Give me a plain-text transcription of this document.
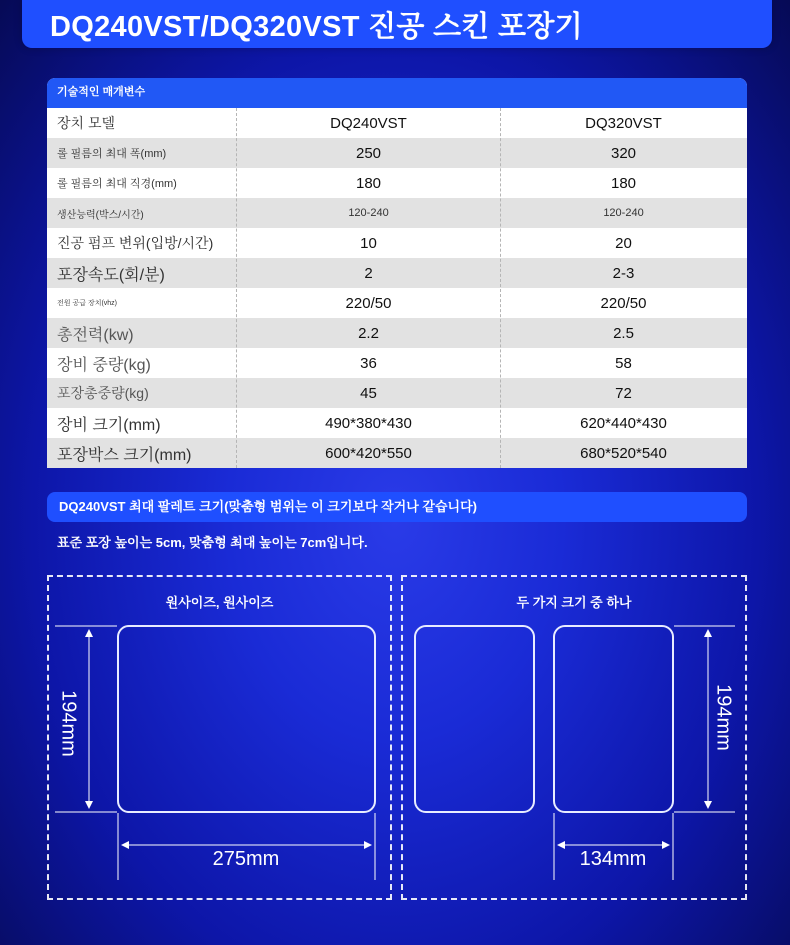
DQ240VST/DQ320VST 진공 스킨 포장기
기술적인 매개변수
장치 모델	DQ240VST	DQ320VST
롤 필름의 최대 폭(mm)	250	320
롤 필름의 최대 직경(mm)	180	180
생산능력(박스/시간)	120-240	120-240
진공 펌프 변위(입방/시간)	10	20
포장속도(회/분)	2	2-3
전원 공급 장치(vhz)	220/50	220/50
총전력(kw)	2.2	2.5
장비 중량(kg)	36	58
포장총중량(kg)	45	72
장비 크기(mm)	490*380*430	620*440*430
포장박스 크기(mm)	600*420*550	680*520*540
DQ240VST 최대 팔레트 크기(맞춤형 범위는 이 크기보다 작거나 같습니다)
표준 포장 높이는 5cm, 맞춤형 최대 높이는 7cm입니다.
원사이즈, 원사이즈	두 가지 크기 중 하나
194mm
275mm
194mm
134mm
